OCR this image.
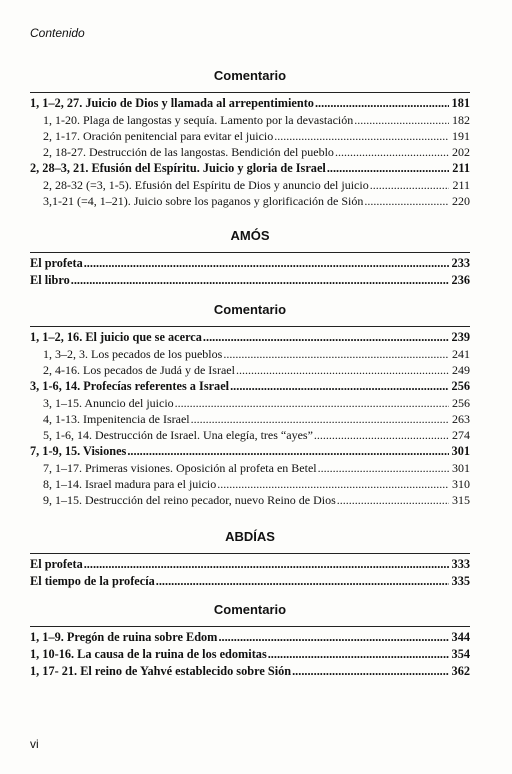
Contenido
Comentario
1, 1–2, 27. Juicio de Dios y llamada al arrepentimiento .....	181
1, 1-20. Plaga de langostas y sequía. Lamento por la devastación .....	182
2, 1-17. Oración penitencial para evitar el juicio .....	191
2, 18-27. Destrucción de las langostas. Bendición del pueblo .....	202
2, 28–3, 21. Efusión del Espíritu. Juicio y gloria de Israel .....	211
2, 28-32 (=3, 1-5). Efusión del Espíritu de Dios y anuncio del juicio .....	211
3,1-21 (=4, 1–21). Juicio sobre los paganos y glorificación de Sión .....	220
AMÓS
El profeta .....	233
El libro .....	236
Comentario
1, 1–2, 16. El juicio que se acerca .....	239
1, 3–2, 3. Los pecados de los pueblos .....	241
2, 4-16. Los pecados de Judá y de Israel .....	249
3, 1-6, 14. Profecías referentes a Israel .....	256
3, 1–15. Anuncio del juicio .....	256
4, 1-13. Impenitencia de Israel .....	263
5, 1-6, 14. Destrucción de Israel. Una elegía, tres “ayes” .....	274
7, 1-9, 15. Visiones .....	301
7, 1–17. Primeras visiones. Oposición al profeta en Betel .....	301
8, 1–14. Israel madura para el juicio .....	310
9, 1–15. Destrucción del reino pecador, nuevo Reino de Dios .....	315
ABDÍAS
El profeta .....	333
El tiempo de la profecía .....	335
Comentario
1, 1–9. Pregón de ruina sobre Edom .....	344
1, 10-16. La causa de la ruina de los edomitas .....	354
1, 17- 21. El reino de Yahvé establecido sobre Sión .....	362
vi
